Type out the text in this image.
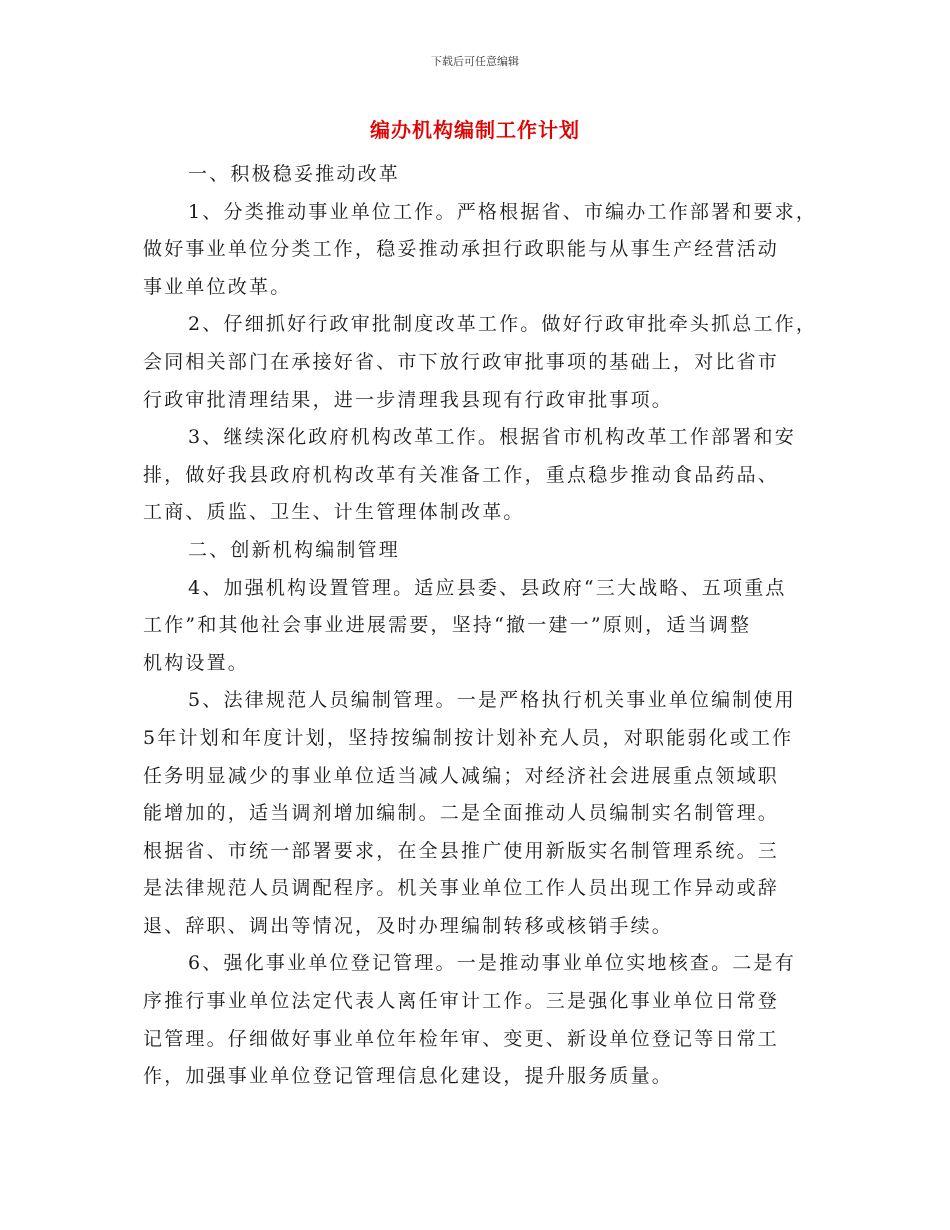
下载后可任意编辑
编办机构编制工作计划
一、积极稳妥推动改革
1、分类推动事业单位工作。严格根据省、市编办工作部署和要求，
做好事业单位分类工作，稳妥推动承担行政职能与从事生产经营活动
事业单位改革。
2、仔细抓好行政审批制度改革工作。做好行政审批牵头抓总工作，
会同相关部门在承接好省、市下放行政审批事项的基础上，对比省市
行政审批清理结果，进一步清理我县现有行政审批事项。
3、继续深化政府机构改革工作。根据省市机构改革工作部署和安
排，做好我县政府机构改革有关准备工作，重点稳步推动食品药品、
工商、质监、卫生、计生管理体制改革。
二、创新机构编制管理
4、加强机构设置管理。适应县委、县政府“三大战略、五项重点
工作”和其他社会事业进展需要，坚持“撤一建一”原则，适当调整
机构设置。
5、法律规范人员编制管理。一是严格执行机关事业单位编制使用
5年计划和年度计划，坚持按编制按计划补充人员，对职能弱化或工作
任务明显减少的事业单位适当减人减编；对经济社会进展重点领域职
能增加的，适当调剂增加编制。二是全面推动人员编制实名制管理。
根据省、市统一部署要求，在全县推广使用新版实名制管理系统。三
是法律规范人员调配程序。机关事业单位工作人员出现工作异动或辞
退、辞职、调出等情况，及时办理编制转移或核销手续。
6、强化事业单位登记管理。一是推动事业单位实地核查。二是有
序推行事业单位法定代表人离任审计工作。三是强化事业单位日常登
记管理。仔细做好事业单位年检年审、变更、新设单位登记等日常工
作，加强事业单位登记管理信息化建设，提升服务质量。
